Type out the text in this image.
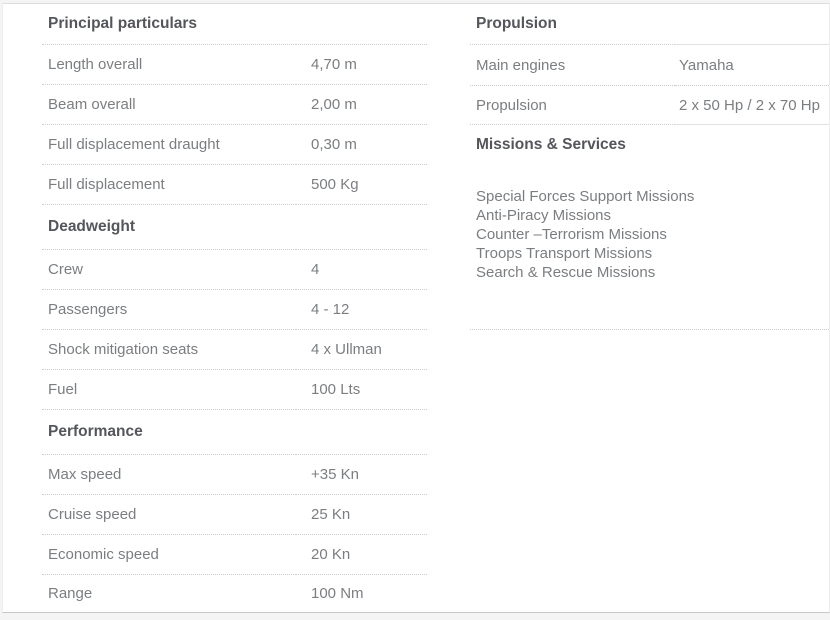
Principal particulars
Length overall	4,70 m
Beam overall	2,00 m
Full displacement draught	0,30 m
Full displacement	500 Kg
Deadweight
Crew	4
Passengers	4 - 12
Shock mitigation seats	4 x Ullman
Fuel	100 Lts
Performance
Max speed	+35 Kn
Cruise speed	25 Kn
Economic speed	20 Kn
Range	100 Nm
Propulsion
Main engines	Yamaha
Propulsion	2 x 50 Hp / 2 x 70 Hp
Missions & Services
Special Forces Support Missions
Anti-Piracy Missions
Counter –Terrorism Missions
Troops Transport Missions
Search & Rescue Missions
